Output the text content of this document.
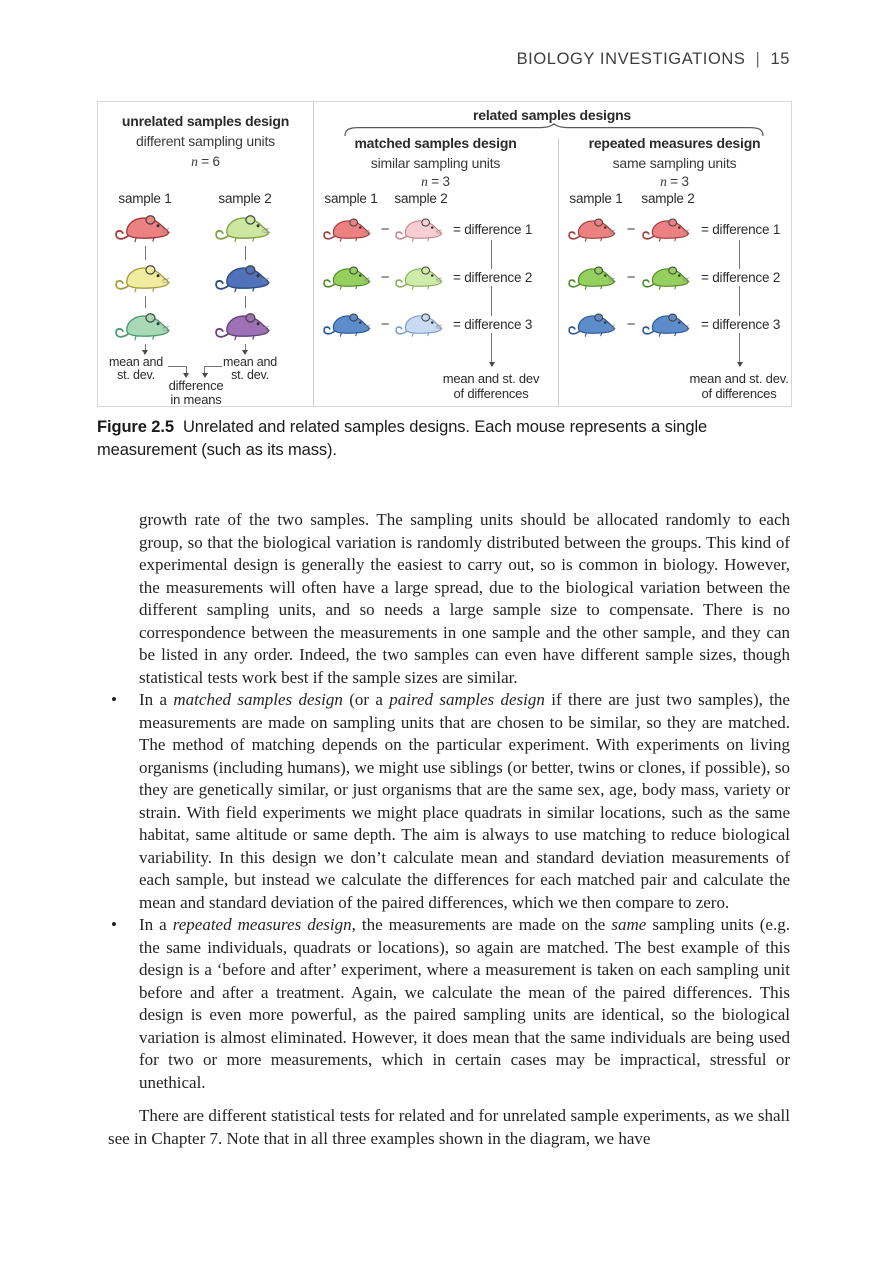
BIOLOGY INVESTIGATIONS | 15
related samples designs
unrelated samples design
different sampling units
n = 6
sample 1	sample 2
mean and
st. dev.
mean and
st. dev.
difference
in means
matched samples design
similar sampling units
n = 3
sample 1 sample 2
−
−
−
= difference 1
= difference 2
= difference 3
mean and st. dev
of differences
repeated measures design
same sampling units
n = 3
sample 1 sample 2
−
−
−
= difference 1
= difference 2
= difference 3
mean and st. dev.
of differences
Figure 2.5 Unrelated and related samples designs. Each mouse represents a single measurement (such as its mass).
growth rate of the two samples. The sampling units should be allocated randomly to each group, so that the biological variation is randomly distributed between the groups. This kind of experimental design is generally the easiest to carry out, so is common in biology. However, the measurements will often have a large spread, due to the biological variation between the different sampling units, and so needs a large sample size to compensate. There is no correspondence between the measurements in one sample and the other sample, and they can be listed in any order. Indeed, the two samples can even have different sample sizes, though statistical tests work best if the sample sizes are similar.
• In a matched samples design (or a paired samples design if there are just two samples), the measurements are made on sampling units that are chosen to be similar, so they are matched. The method of matching depends on the particular experiment. With experiments on living organisms (including humans), we might use siblings (or better, twins or clones, if possible), so they are genetically similar, or just organisms that are the same sex, age, body mass, variety or strain. With field experiments we might place quadrats in similar locations, such as the same habitat, same altitude or same depth. The aim is always to use matching to reduce biological variability. In this design we don’t calculate mean and standard deviation measurements of each sample, but instead we calculate the differences for each matched pair and calculate the mean and standard deviation of the paired differences, which we then compare to zero.
• In a repeated measures design, the measurements are made on the same sampling units (e.g. the same individuals, quadrats or locations), so again are matched. The best example of this design is a ‘before and after’ experiment, where a measurement is taken on each sampling unit before and after a treatment. Again, we calculate the mean of the paired differences. This design is even more powerful, as the paired sampling units are identical, so the biological variation is almost eliminated. However, it does mean that the same individuals are being used for two or more measurements, which in certain cases may be impractical, stressful or unethical.
There are different statistical tests for related and for unrelated sample experiments, as we shall see in Chapter 7. Note that in all three examples shown in the diagram, we have
